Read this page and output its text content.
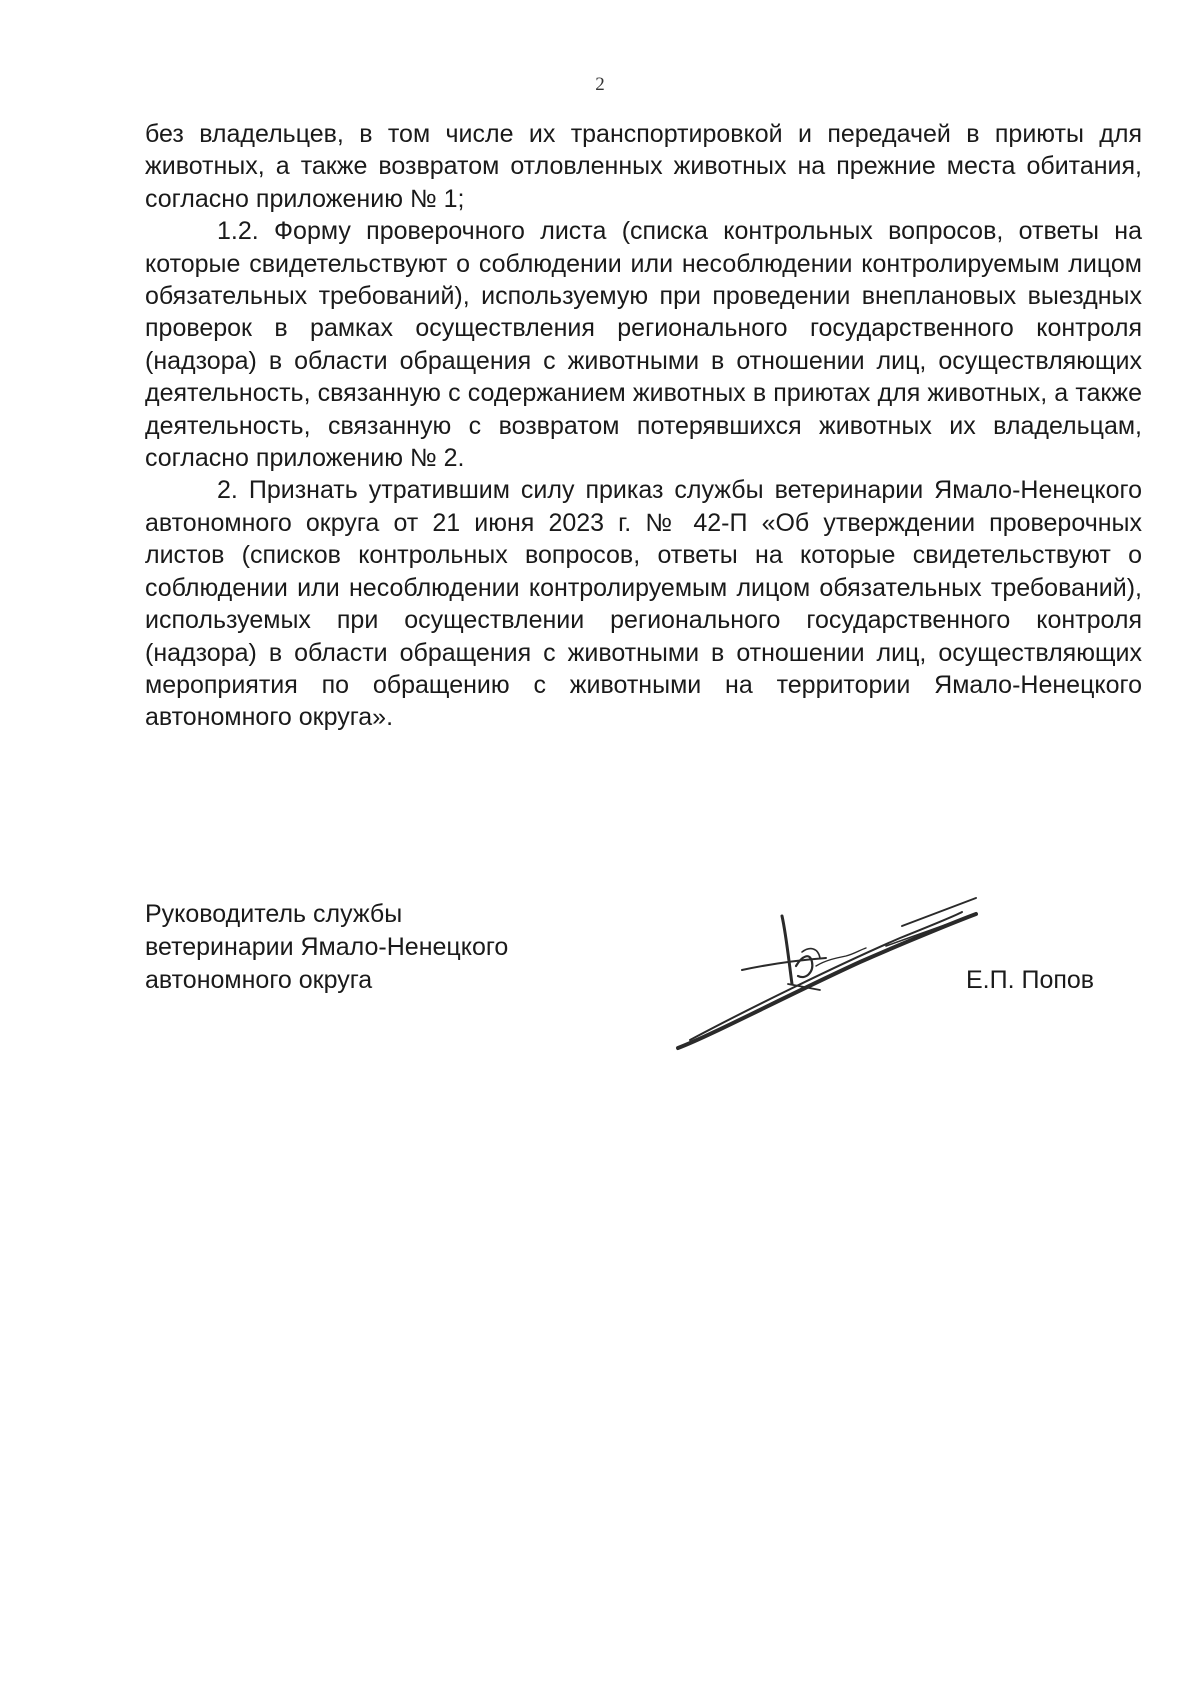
2

без владельцев, в том числе их транспортировкой и передачей в приюты для животных, а также возвратом отловленных животных на прежние места обитания, согласно приложению № 1;

1.2. Форму проверочного листа (списка контрольных вопросов, ответы на которые свидетельствуют о соблюдении или несоблюдении контролируемым лицом обязательных требований), используемую при проведении внеплановых выездных проверок в рамках осуществления регионального государственного контроля (надзора) в области обращения с животными в отношении лиц, осуществляющих деятельность, связанную с содержанием животных в приютах для животных, а также деятельность, связанную с возвратом потерявшихся животных их владельцам, согласно приложению № 2.

2. Признать утратившим силу приказ службы ветеринарии Ямало-Ненецкого автономного округа от 21 июня 2023 г. № 42-П «Об утверждении проверочных листов (списков контрольных вопросов, ответы на которые свидетельствуют о соблюдении или несоблюдении контролируемым лицом обязательных требований), используемых при осуществлении регионального государственного контроля (надзора) в области обращения с животными в отношении лиц, осуществляющих мероприятия по обращению с животными на территории Ямало-Ненецкого автономного округа».

Руководитель службы
ветеринарии Ямало-Ненецкого
автономного округа	Е.П. Попов
